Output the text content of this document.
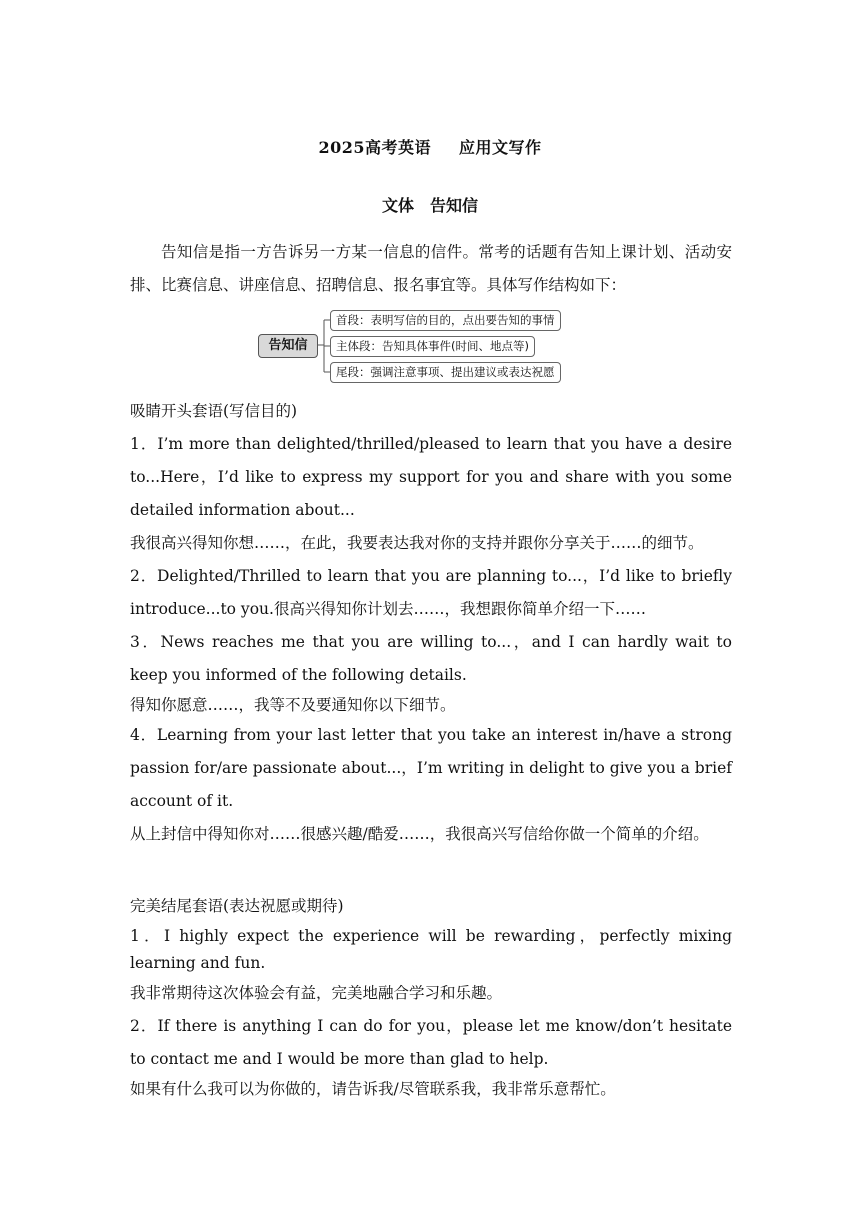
2025高考英语 应用文写作
文体 告知信
告知信是指一方告诉另一方某一信息的信件。常考的话题有告知上课计划、活动安排、比赛信息、讲座信息、招聘信息、报名事宜等。具体写作结构如下：
告知信
首段：表明写信的目的，点出要告知的事情
主体段：告知具体事件(时间、地点等)
尾段：强调注意事项、提出建议或表达祝愿

吸睛开头套语(写信目的)

1．I’m more than delighted/thrilled/pleased to learn that you have a desire to...Here，I’d like to express my support for you and share with you some detailed information about...

我很高兴得知你想……，在此，我要表达我对你的支持并跟你分享关于……的细节。

2．Delighted/Thrilled to learn that you are planning to...，I’d like to briefly introduce...to you.很高兴得知你计划去……，我想跟你简单介绍一下……

3．News reaches me that you are willing to...，and I can hardly wait to keep you informed of the following details.

得知你愿意……，我等不及要通知你以下细节。

4．Learning from your last letter that you take an interest in/have a strong passion for/are passionate about...，I’m writing in delight to give you a brief account of it.

从上封信中得知你对……很感兴趣/酷爱……，我很高兴写信给你做一个简单的介绍。

完美结尾套语(表达祝愿或期待)

1．I highly expect the experience will be rewarding，perfectly mixing learning and fun.

我非常期待这次体验会有益，完美地融合学习和乐趣。

2．If there is anything I can do for you，please let me know/don’t hesitate to contact me and I would be more than glad to help.

如果有什么我可以为你做的，请告诉我/尽管联系我，我非常乐意帮忙。
